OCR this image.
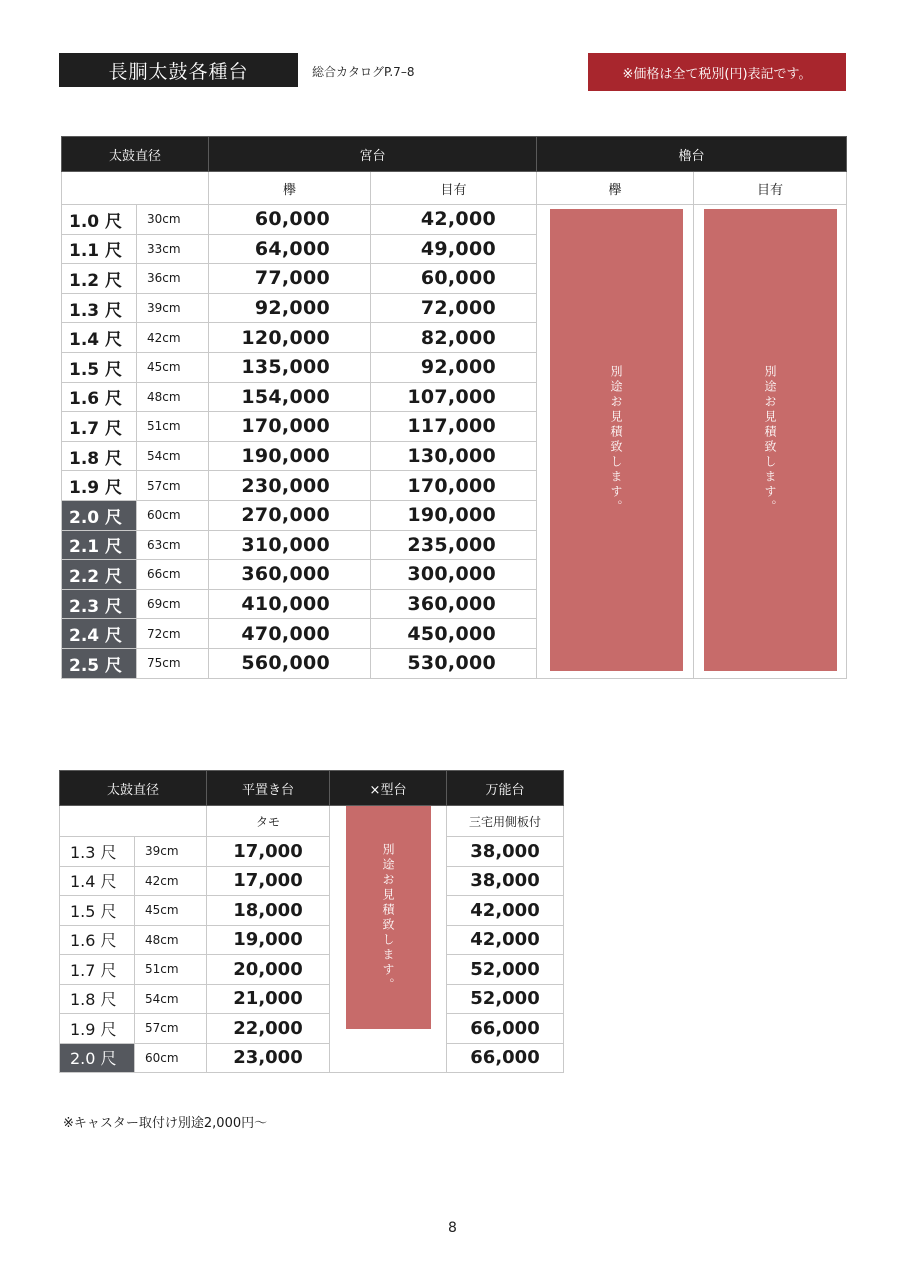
長胴太鼓各種台	総合カタログP.7–8	※価格は全て税別(円)表記です。
太鼓直径		宮台		櫓台	
		欅	目有	欅	目有
1.0 尺	30cm	60,000	42,000	別途お見積致します。	別途お見積致します。

1.1 尺	33cm	64,000	49,000		
1.2 尺	36cm	77,000	60,000		
1.3 尺	39cm	92,000	72,000		
1.4 尺	42cm	120,000	82,000		
1.5 尺	45cm	135,000	92,000		
1.6 尺	48cm	154,000	107,000		
1.7 尺	51cm	170,000	117,000		
1.8 尺	54cm	190,000	130,000		
1.9 尺	57cm	230,000	170,000		
2.0 尺	60cm	270,000	190,000		
2.1 尺	63cm	310,000	235,000		
2.2 尺	66cm	360,000	300,000		
2.3 尺	69cm	410,000	360,000		
2.4 尺	72cm	470,000	450,000		
2.5 尺	75cm	560,000	530,000		
太鼓直径		平置き台	×型台	万能台
		タモ	別途お見積致します。	三宅用側板付
1.3 尺	39cm	17,000		38,000
1.4 尺	42cm	17,000		38,000
1.5 尺	45cm	18,000		42,000
1.6 尺	48cm	19,000		42,000
1.7 尺	51cm	20,000		52,000
1.8 尺	54cm	21,000		52,000
1.9 尺	57cm	22,000		66,000
2.0 尺	60cm	23,000		66,000
※キャスター取付け別途2,000円〜
8
